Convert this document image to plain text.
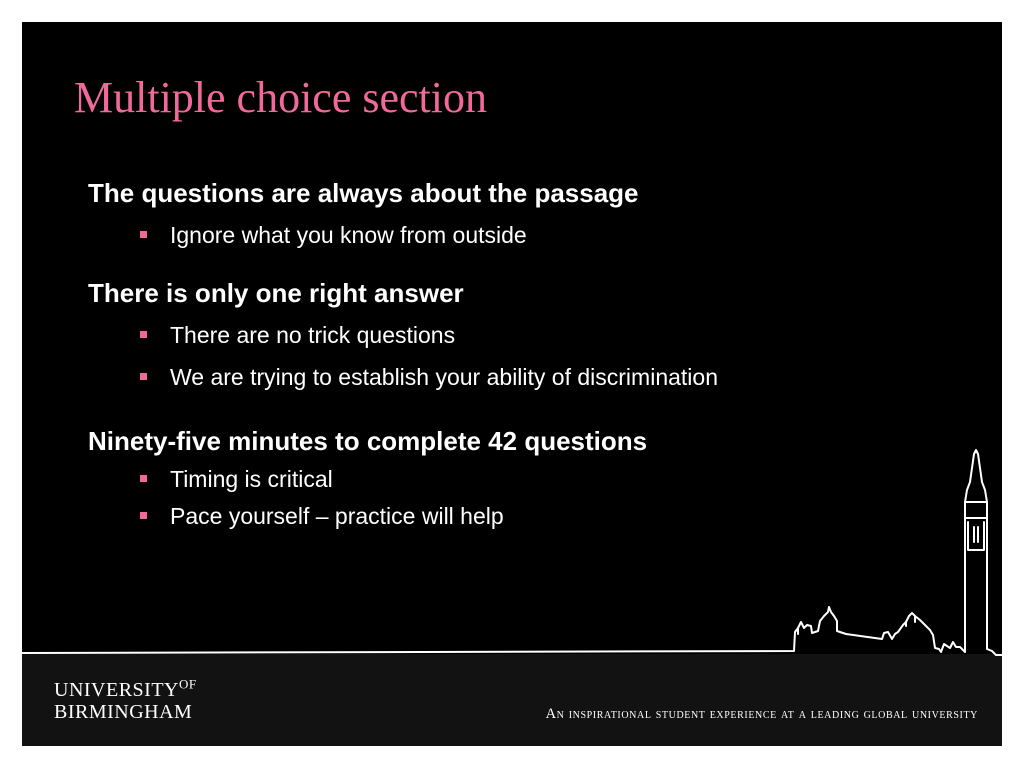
Multiple choice section
The questions are always about the passage
Ignore what you know from outside
There is only one right answer
There are no trick questions
We are trying to establish your ability of discrimination
Ninety-five minutes to complete 42 questions
Timing is critical
Pace yourself – practice will help
$UNIVERSITY^{OF}$
BIRMINGHAM	An inspirational student experience at a leading global university
